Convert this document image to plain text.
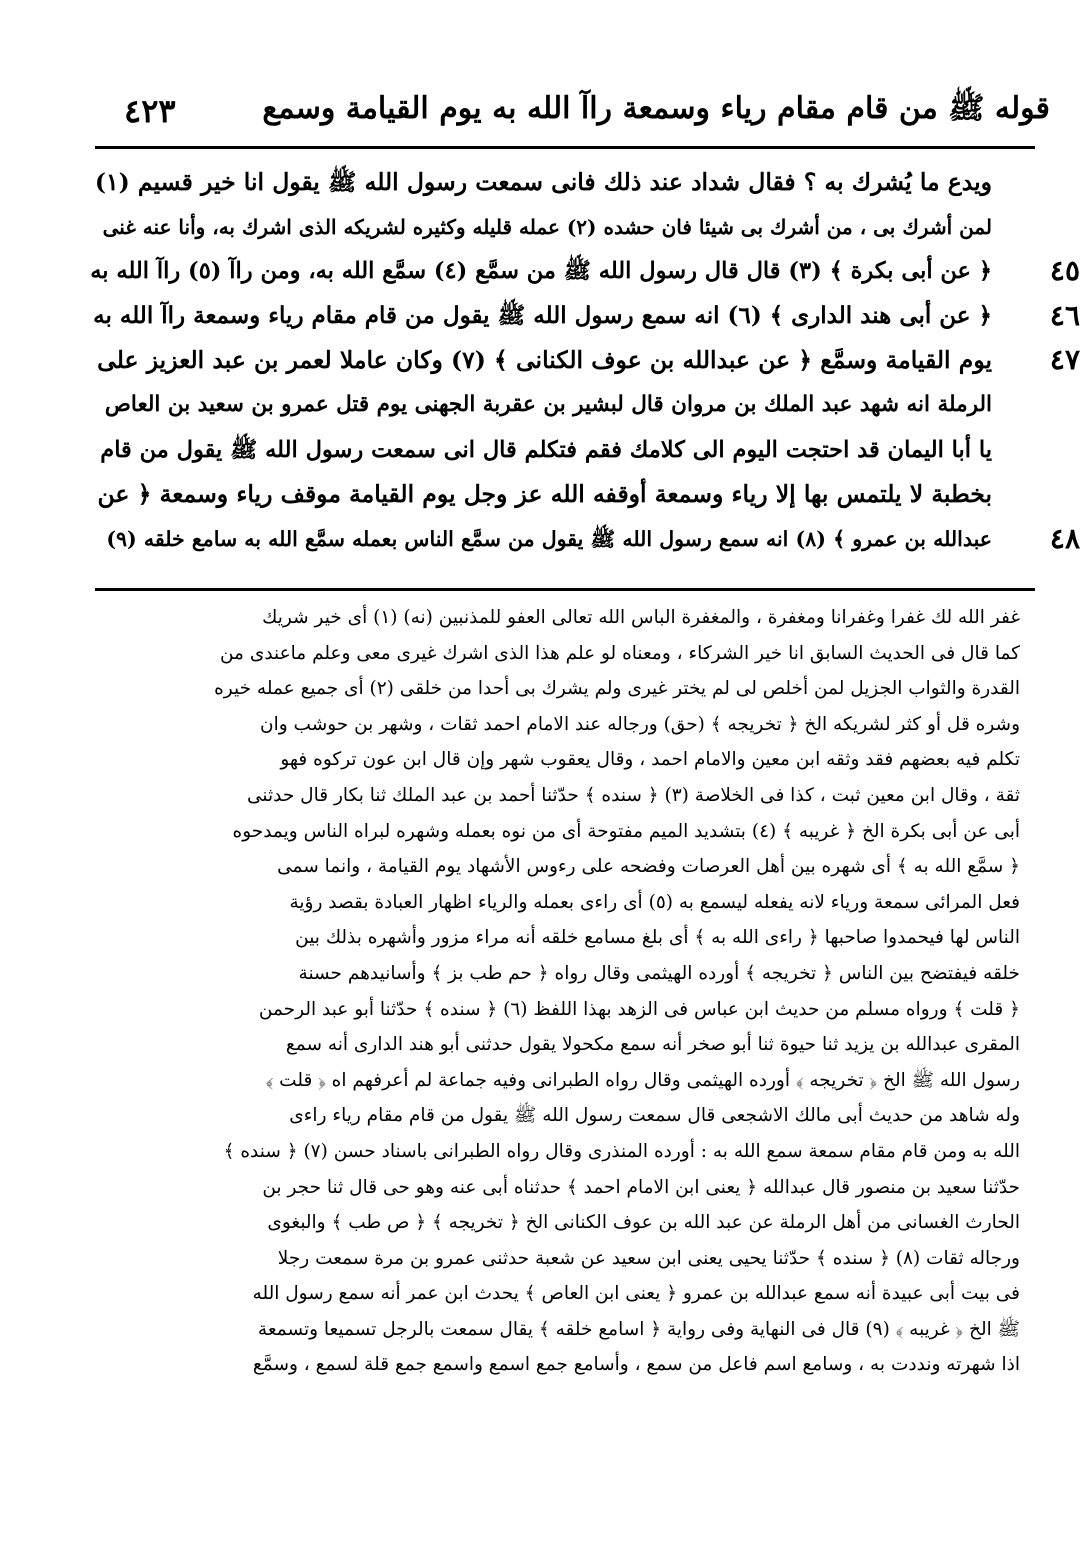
قوله ﷺ من قام مقام رياء وسمعة راآ الله به يوم القيامة وسمع
٤٢٣
ويدع ما يُشرك به ؟ فقال شداد عند ذلك فانى سمعت رسول الله ﷺ يقول انا خير قسيم (١)
لمن أشرك بى ، من أشرك بى شيئا فان حشده (٢) عمله قليله وكثيره لشريكه الذى اشرك به، وأنا عنه غنى
٤٥
﴿ عن أبى بكرة ﴾ (٣) قال قال رسول الله ﷺ من سمَّع (٤) سمَّع الله به، ومن راآ (٥) راآ الله به
٤٦
﴿ عن أبى هند الدارى ﴾ (٦) انه سمع رسول الله ﷺ يقول من قام مقام رياء وسمعة راآ الله به
٤٧
يوم القيامة وسمَّع ﴿ عن عبدالله بن عوف الكنانى ﴾ (٧) وكان عاملا لعمر بن عبد العزيز على
الرملة انه شهد عبد الملك بن مروان قال لبشير بن عقربة الجهنى يوم قتل عمرو بن سعيد بن العاص
يا أبا اليمان قد احتجت اليوم الى كلامك فقم فتكلم قال انى سمعت رسول الله ﷺ يقول من قام
بخطبة لا يلتمس بها إلا رياء وسمعة أوقفه الله عز وجل يوم القيامة موقف رياء وسمعة ﴿ عن
٤٨
عبدالله بن عمرو ﴾ (٨) انه سمع رسول الله ﷺ يقول من سمَّع الناس بعمله سمَّع الله به سامع خلقه (٩)
غفر الله لك غفرا وغفرانا ومغفرة ، والمغفرة الباس الله تعالى العفو للمذنبين (نه) (١) أى خير شريك
كما قال فى الحديث السابق انا خير الشركاء ، ومعناه لو علم هذا الذى اشرك غيرى معى وعلم ماعندى من
القدرة والثواب الجزيل لمن أخلص لى لم يختر غيرى ولم يشرك بى أحدا من خلقى (٢) أى جميع عمله خيره
وشره قل أو كثر لشريكه الخ ﴿ تخريجه ﴾ (حق) ورجاله عند الامام احمد ثقات ، وشهر بن حوشب وان
تكلم فيه بعضهم فقد وثقه ابن معين والامام احمد ، وقال يعقوب شهر وإن قال ابن عون تركوه فهو
ثقة ، وقال ابن معين ثبت ، كذا فى الخلاصة (٣) ﴿ سنده ﴾ حدّثنا أحمد بن عبد الملك ثنا بكار قال حدثنى
أبى عن أبى بكرة الخ ﴿ غريبه ﴾ (٤) بتشديد الميم مفتوحة أى من نوه بعمله وشهره لبراه الناس ويمدحوه
﴿ سمَّع الله به ﴾ أى شهره بين أهل العرصات وفضحه على رءوس الأشهاد يوم القيامة ، وانما سمى
فعل المرائى سمعة ورياء لانه يفعله ليسمع به (٥) أى راءى بعمله والرياء اظهار العبادة بقصد رؤية
الناس لها فيحمدوا صاحبها ﴿ راءى الله به ﴾ أى بلغ مسامع خلقه أنه مراء مزور وأشهره بذلك بين
خلقه فيفتضح بين الناس ﴿ تخريجه ﴾ أورده الهيثمى وقال رواه ﴿ حم طب بز ﴾ وأسانيدهم حسنة
﴿ قلت ﴾ ورواه مسلم من حديث ابن عباس فى الزهد بهذا اللفظ (٦) ﴿ سنده ﴾ حدّثنا أبو عبد الرحمن
المقرى عبدالله بن يزيد ثنا حيوة ثنا أبو صخر أنه سمع مكحولا يقول حدثنى أبو هند الدارى أنه سمع
رسول الله ﷺ الخ ﴿ تخريجه ﴾ أورده الهيثمى وقال رواه الطبرانى وفيه جماعة لم أعرفهم اه ﴿ قلت ﴾
وله شاهد من حديث أبى مالك الاشجعى قال سمعت رسول الله ﷺ يقول من قام مقام رياء راءى
الله به ومن قام مقام سمعة سمع الله به : أورده المنذرى وقال رواه الطبرانى باسناد حسن (٧) ﴿ سنده ﴾
حدّثنا سعيد بن منصور قال عبدالله ﴿ يعنى ابن الامام احمد ﴾ حدثناه أبى عنه وهو حى قال ثنا حجر بن
الحارث الغسانى من أهل الرملة عن عبد الله بن عوف الكنانى الخ ﴿ تخريجه ﴾ ﴿ ص طب ﴾ والبغوى
ورجاله ثقات (٨) ﴿ سنده ﴾ حدّثنا يحيى يعنى ابن سعيد عن شعبة حدثنى عمرو بن مرة سمعت رجلا
فى بيت أبى عبيدة أنه سمع عبدالله بن عمرو ﴿ يعنى ابن العاص ﴾ يحدث ابن عمر أنه سمع رسول الله
ﷺ الخ ﴿ غريبه ﴾ (٩) قال فى النهاية وفى رواية ﴿ اسامع خلقه ﴾ يقال سمعت بالرجل تسميعا وتسمعة
اذا شهرته ونددت به ، وسامع اسم فاعل من سمع ، وأسامع جمع اسمع واسمع جمع قلة لسمع ، وسمَّع
